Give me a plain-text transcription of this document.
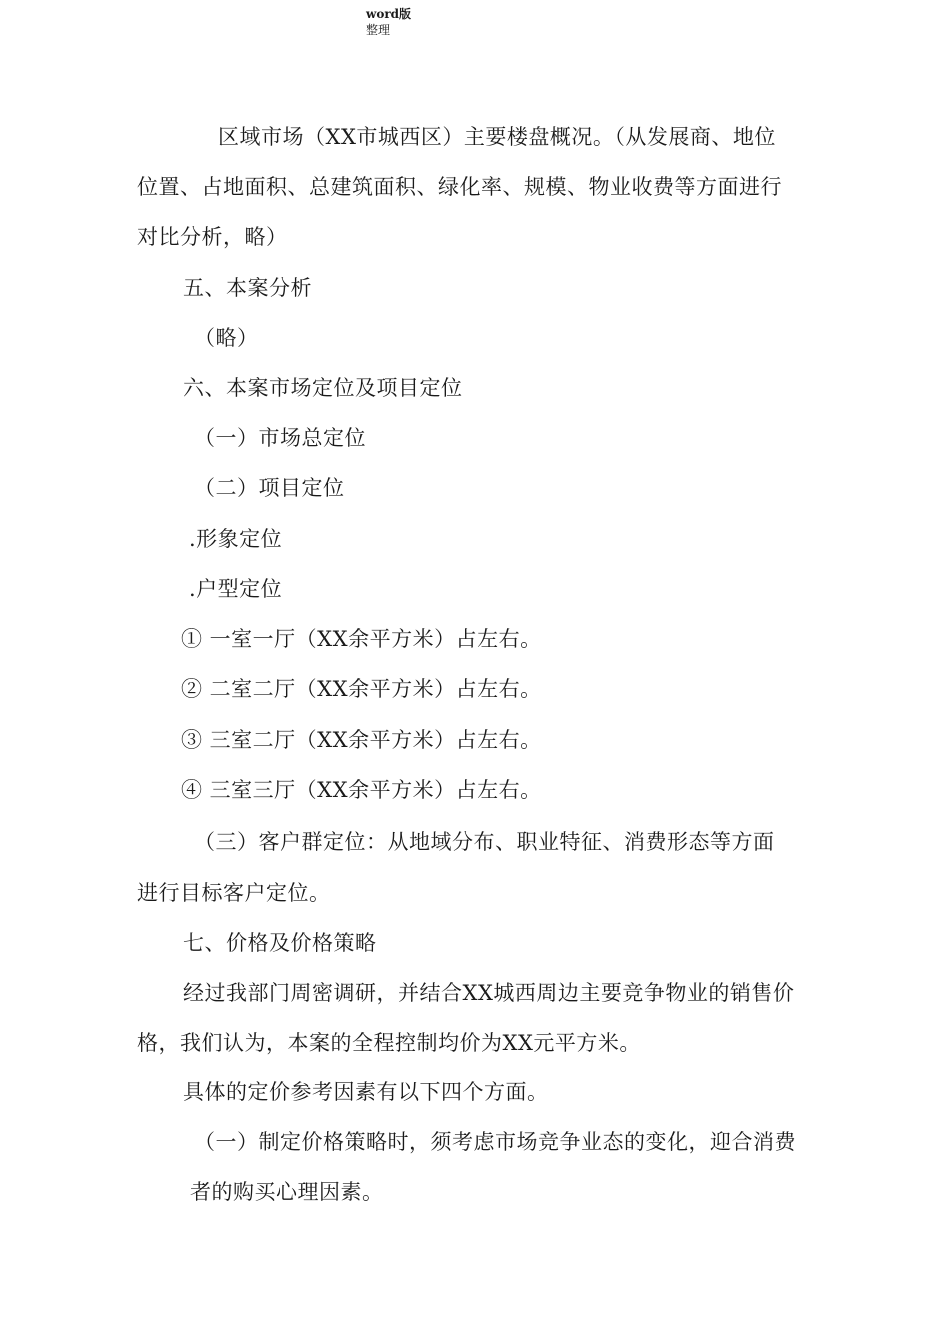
word版
整理
区域市场（XX市城西区）主要楼盘概况。（从发展商、地位
位置、占地面积、总建筑面积、绿化率、规模、物业收费等方面进行
对比分析，略）
五、本案分析
（略）
六、本案市场定位及项目定位
（一）市场总定位
（二）项目定位
.形象定位
.户型定位
① 一室一厅（XX余平方米）占左右。
② 二室二厅（XX余平方米）占左右。
③ 三室二厅（XX余平方米）占左右。
④ 三室三厅（XX余平方米）占左右。
（三）客户群定位：从地域分布、职业特征、消费形态等方面
进行目标客户定位。
七、价格及价格策略
经过我部门周密调研，并结合XX城西周边主要竞争物业的销售价
格，我们认为，本案的全程控制均价为XX元平方米。
具体的定价参考因素有以下四个方面。
（一）制定价格策略时，须考虑市场竞争业态的变化，迎合消费
者的购买心理因素。
